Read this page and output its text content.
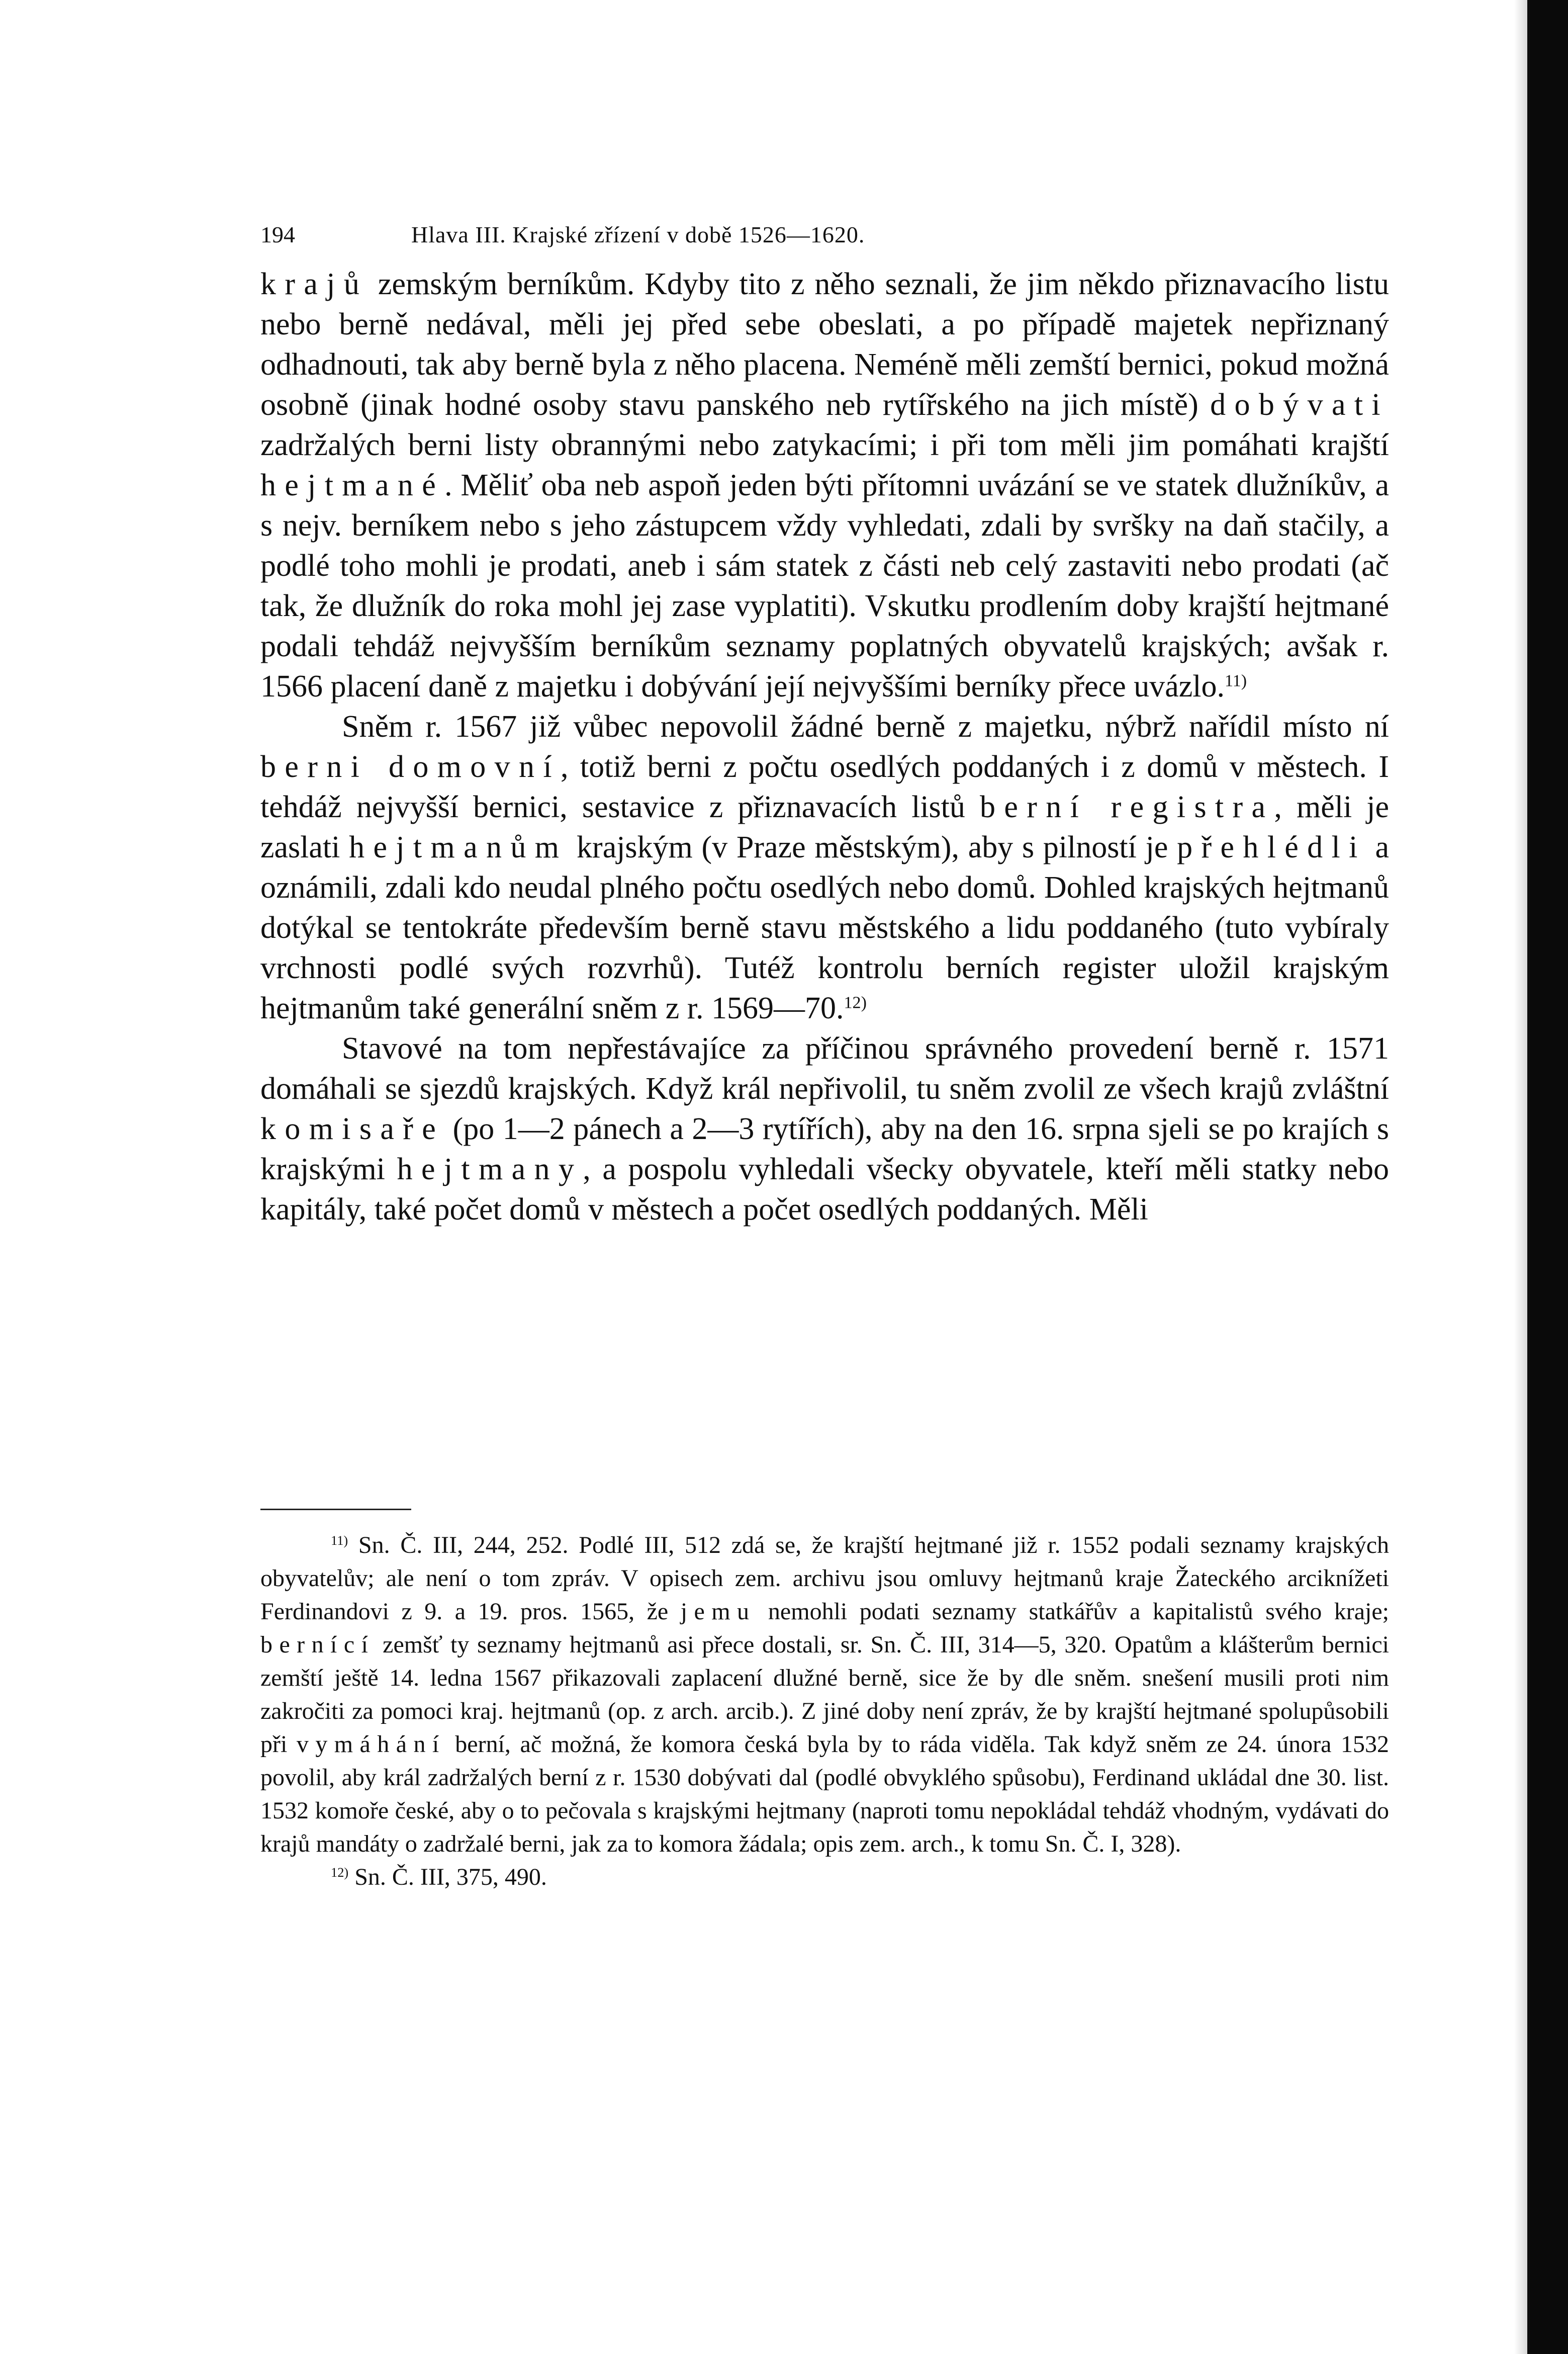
194	Hlava III. Krajské zřízení v době 1526—1620.

krajů zemským berníkům. Kdyby tito z něho seznali, že jim někdo přiznavacího listu nebo berně nedával, měli jej před sebe obeslati, a po případě majetek nepřiznaný odhadnouti, tak aby berně byla z něho placena. Neméně měli zemští bernici, pokud možná osobně (jinak hodné osoby stavu panského neb rytířského na jich místě) dobývati zadržalých berni listy obrannými nebo zatykacími; i při tom měli jim pomáhati krajští hejtmané. Měliť oba neb aspoň jeden býti přítomni uvázání se ve statek dlužníkův, a s nejv. berníkem nebo s jeho zástupcem vždy vyhledati, zdali by svršky na daň stačily, a podlé toho mohli je prodati, aneb i sám statek z části neb celý zastaviti nebo prodati (ač tak, že dlužník do roka mohl jej zase vyplatiti). Vskutku prodlením doby krajští hejtmané podali tehdáž nejvyšším berníkům seznamy poplatných obyvatelů krajských; avšak r. 1566 placení daně z majetku i dobývání její nejvyššími berníky přece uvázlo.$^{11)}$

Sněm r. 1567 již vůbec nepovolil žádné berně z majetku, nýbrž nařídil místo ní berni domovní, totiž berni z počtu osedlých poddaných i z domů v městech. I tehdáž nejvyšší bernici, sestavice z přiznavacích listů berní registra, měli je zaslati hejtmanům krajským (v Praze městským), aby s pilností je přehlédli a oznámili, zdali kdo neudal plného počtu osedlých nebo domů. Dohled krajských hejtmanů dotýkal se tentokráte především berně stavu městského a lidu poddaného (tuto vybíraly vrchnosti podlé svých rozvrhů). Tutéž kontrolu berních register uložil krajským hejtmanům také generální sněm z r. 1569—70.$^{12)}$

Stavové na tom nepřestávajíce za příčinou správného provedení berně r. 1571 domáhali se sjezdů krajských. Když král nepřivolil, tu sněm zvolil ze všech krajů zvláštní komisaře (po 1—2 pánech a 2—3 rytířích), aby na den 16. srpna sjeli se po krajích s krajskými hejtmany, a pospolu vyhledali všecky obyvatele, kteří měli statky nebo kapitály, také počet domů v městech a počet osedlých poddaných. Měli

$^{11)}$ Sn. Č. III, 244, 252. Podlé III, 512 zdá se, že krajští hejtmané již r. 1552 podali seznamy krajských obyvatelův; ale není o tom zpráv. V opisech zem. archivu jsou omluvy hejtmanů kraje Žateckého arciknížeti Ferdinandovi z 9. a 19. pros. 1565, že jemu nemohli podati seznamy statkářův a kapitalistů svého kraje; bernící zemšť ty seznamy hejtmanů asi přece dostali, sr. Sn. Č. III, 314—5, 320. Opatům a klášterům bernici zemští ještě 14. ledna 1567 přikazovali zaplacení dlužné berně, sice že by dle sněm. snešení musili proti nim zakročiti za pomoci kraj. hejtmanů (op. z arch. arcib.). Z jiné doby není zpráv, že by krajští hejtmané spolupůsobili při vymáhání berní, ač možná, že komora česká byla by to ráda viděla. Tak když sněm ze 24. února 1532 povolil, aby král zadržalých berní z r. 1530 dobývati dal (podlé obvyklého spůsobu), Ferdinand ukládal dne 30. list. 1532 komoře české, aby o to pečovala s krajskými hejtmany (naproti tomu nepokládal tehdáž vhodným, vydávati do krajů mandáty o zadržalé berni, jak za to komora žádala; opis zem. arch., k tomu Sn. Č. I, 328).

$^{12)}$ Sn. Č. III, 375, 490.
